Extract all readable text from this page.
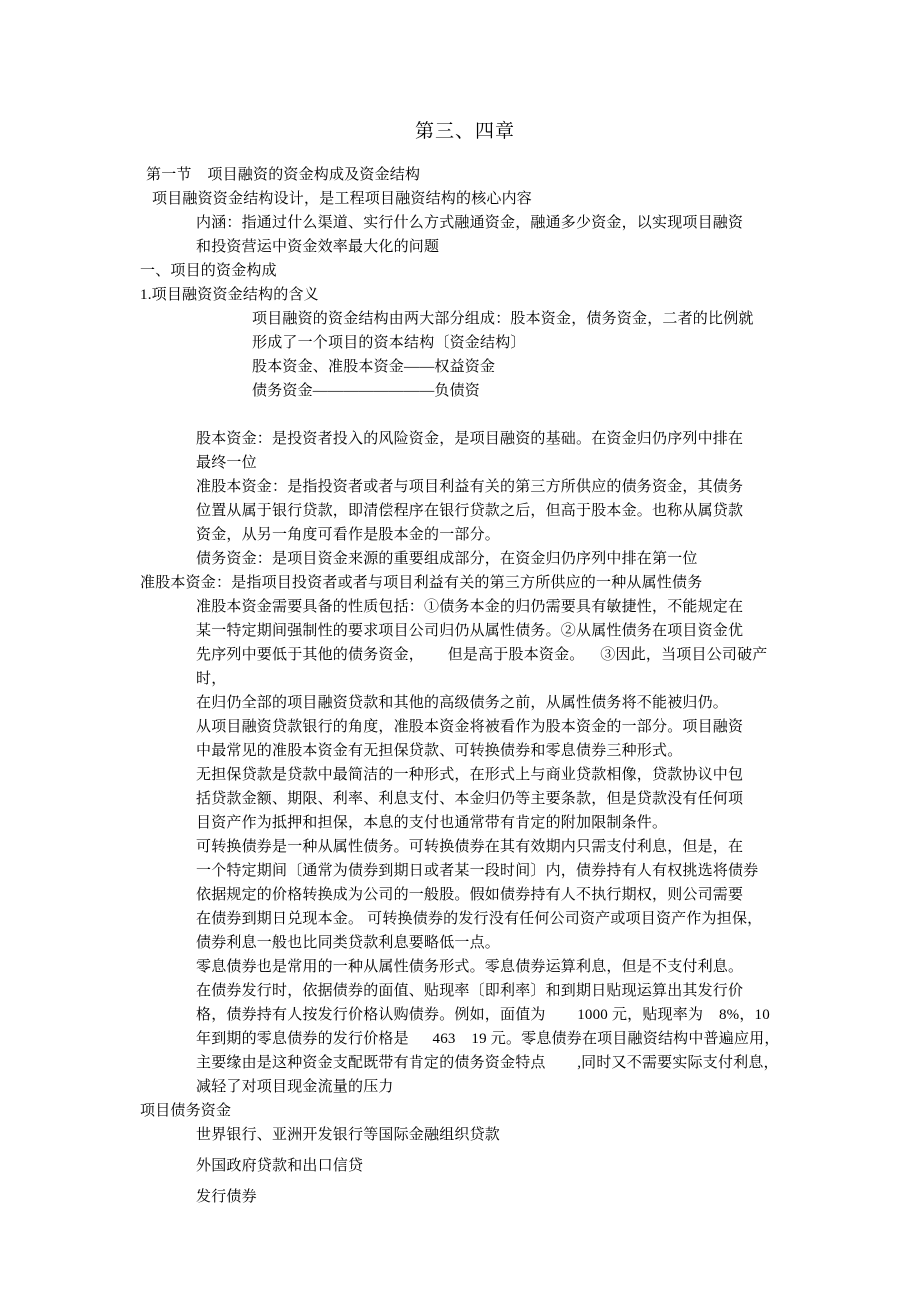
第三、四章
第一节    项目融资的资金构成及资金结构
项目融资资金结构设计，是工程项目融资结构的核心内容
内涵：指通过什么渠道、实行什么方式融通资金，融通多少资金，以实现项目融资
和投资营运中资金效率最大化的问题
一、项目的资金构成
1.项目融资资金结构的含义
项目融资的资金结构由两大部分组成：股本资金，债务资金，二者的比例就
形成了一个项目的资本结构〔资金结构〕
股本资金、准股本资金——权益资金
债务资金————————负债资
股本资金：是投资者投入的风险资金，是项目融资的基础。在资金归仍序列中排在
最终一位
准股本资金：是指投资者或者与项目利益有关的第三方所供应的债务资金，其债务
位置从属于银行贷款，即清偿程序在银行贷款之后，但高于股本金。也称从属贷款
资金，从另一角度可看作是股本金的一部分。
债务资金：是项目资金来源的重要组成部分，在资金归仍序列中排在第一位
准股本资金：是指项目投资者或者与项目利益有关的第三方所供应的一种从属性债务
准股本资金需要具备的性质包括：①债务本金的归仍需要具有敏捷性，不能规定在
某一特定期间强制性的要求项目公司归仍从属性债务。②从属性债务在项目资金优
先序列中要低于其他的债务资金，      但是高于股本资金。    ③因此，当项目公司破产时，
在归仍全部的项目融资贷款和其他的高级债务之前，从属性债务将不能被归仍。
从项目融资贷款银行的角度，准股本资金将被看作为股本资金的一部分。项目融资
中最常见的准股本资金有无担保贷款、可转换债券和零息债券三种形式。
无担保贷款是贷款中最简洁的一种形式，在形式上与商业贷款相像，贷款协议中包
括贷款金额、期限、利率、利息支付、本金归仍等主要条款，但是贷款没有任何项
目资产作为抵押和担保，本息的支付也通常带有肯定的附加限制条件。
可转换债券是一种从属性债务。可转换债券在其有效期内只需支付利息，但是，在
一个特定期间〔通常为债券到期日或者某一段时间〕内，债券持有人有权挑选将债券
依据规定的价格转换成为公司的一般股。假如债券持有人不执行期权，则公司需要
在债券到期日兑现本金。 可转换债券的发行没有任何公司资产或项目资产作为担保，
债券利息一般也比同类贷款利息要略低一点。
零息债券也是常用的一种从属性债务形式。零息债券运算利息，但是不支付利息。
在债券发行时，依据债券的面值、贴现率〔即利率〕和到期日贴现运算出其发行价
格，债券持有人按发行价格认购债券。例如，面值为        1000 元，贴现率为    8%，10
年到期的零息债券的发行价格是      463    19 元。零息债券在项目融资结构中普遍应用，
主要缘由是这种资金支配既带有肯定的债务资金特点        ,同时又不需要实际支付利息，
减轻了对项目现金流量的压力
项目债务资金
世界银行、亚洲开发银行等国际金融组织贷款
外国政府贷款和出口信贷
发行债券
